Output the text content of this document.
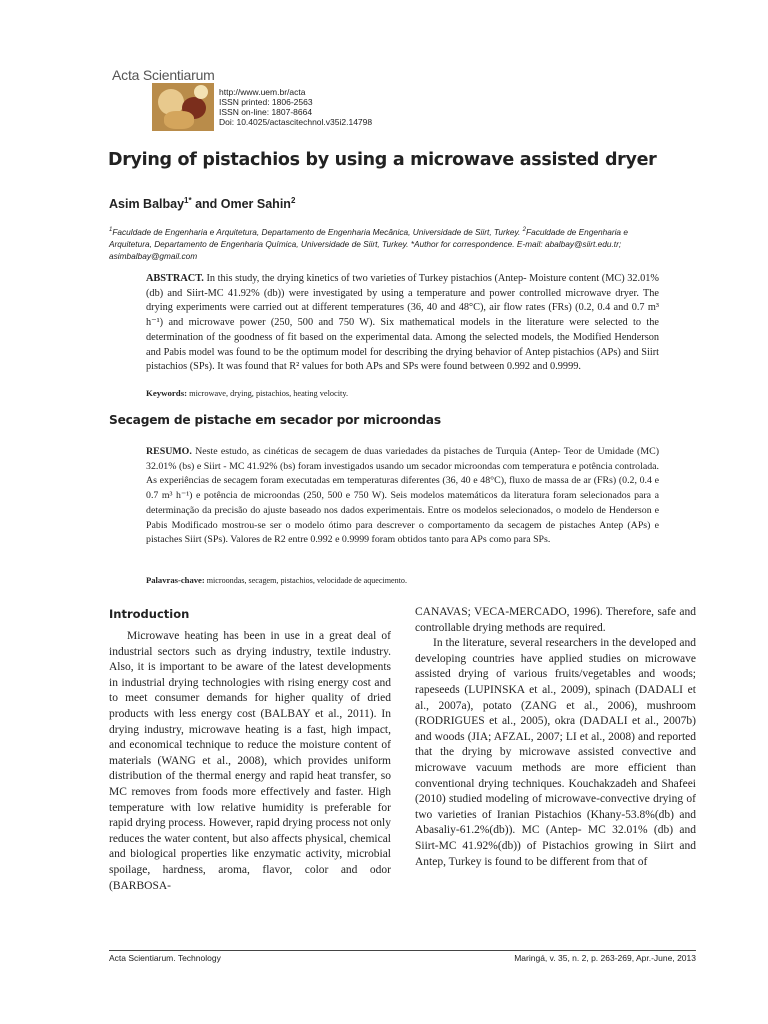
Acta Scientiarum
http://www.uem.br/acta
ISSN printed: 1806-2563
ISSN on-line: 1807-8664
Doi: 10.4025/actascitechnol.v35i2.14798
Drying of pistachios by using a microwave assisted dryer
Asim Balbay$^{1*}$ and Omer Sahin$^2$
$^1$Faculdade de Engenharia e Arquitetura, Departamento de Engenharia Mecânica, Universidade de Siirt, Turkey. $^2$Faculdade de Engenharia e Arquitetura, Departamento de Engenharia Química, Universidade de Siirt, Turkey. *Author for correspondence. E-mail: abalbay@siirt.edu.tr; asimbalbay@gmail.com
ABSTRACT. In this study, the drying kinetics of two varieties of Turkey pistachios (Antep- Moisture content (MC) 32.01% (db) and Siirt-MC 41.92% (db)) were investigated by using a temperature and power controlled microwave dryer. The drying experiments were carried out at different temperatures (36, 40 and 48°C), air flow rates (FRs) (0.2, 0.4 and 0.7 m³ h⁻¹) and microwave power (250, 500 and 750 W). Six mathematical models in the literature were selected to the determination of the goodness of fit based on the experimental data. Among the selected models, the Modified Henderson and Pabis model was found to be the optimum model for describing the drying behavior of Antep pistachios (APs) and Siirt pistachios (SPs). It was found that R² values for both APs and SPs were found between 0.992 and 0.9999.
Keywords: microwave, drying, pistachios, heating velocity.
Secagem de pistache em secador por microondas
RESUMO. Neste estudo, as cinéticas de secagem de duas variedades da pistaches de Turquia (Antep- Teor de Umidade (MC) 32.01% (bs) e Siirt - MC 41.92% (bs) foram investigados usando um secador microondas com temperatura e potência controlada. As experiências de secagem foram executadas em temperaturas diferentes (36, 40 e 48°C), fluxo de massa de ar (FRs) (0.2, 0.4 e 0.7 m³ h⁻¹) e potência de microondas (250, 500 e 750 W). Seis modelos matemáticos da literatura foram selecionados para a determinação da precisão do ajuste baseado nos dados experimentais. Entre os modelos selecionados, o modelo de Henderson e Pabis Modificado mostrou-se ser o modelo ótimo para descrever o comportamento da secagem de pistaches Antep (APs) e pistaches Siirt (SPs). Valores de R2 entre 0.992 e 0.9999 foram obtidos tanto para APs como para SPs.
Palavras-chave: microondas, secagem, pistachios, velocidade de aquecimento.
Introduction
Microwave heating has been in use in a great deal of industrial sectors such as drying industry, textile industry. Also, it is important to be aware of the latest developments in industrial drying technologies with rising energy cost and to meet consumer demands for higher quality of dried products with less energy cost (BALBAY et al., 2011). In drying industry, microwave heating is a fast, high impact, and economical technique to reduce the moisture content of materials (WANG et al., 2008), which provides uniform distribution of the thermal energy and rapid heat transfer, so MC removes from foods more effectively and faster. High temperature with low relative humidity is preferable for rapid drying process. However, rapid drying process not only reduces the water content, but also affects physical, chemical and biological properties like enzymatic activity, microbial spoilage, hardness, aroma, flavor, color and odor (BARBOSA-

CANAVAS; VECA-MERCADO, 1996). Therefore, safe and controllable drying methods are required.

In the literature, several researchers in the developed and developing countries have applied studies on microwave assisted drying of various fruits/vegetables and woods; rapeseeds (LUPINSKA et al., 2009), spinach (DADALI et al., 2007a), potato (ZANG et al., 2006), mushroom (RODRIGUES et al., 2005), okra (DADALI et al., 2007b) and woods (JIA; AFZAL, 2007; LI et al., 2008) and reported that the drying by microwave assisted convective and microwave vacuum methods are more efficient than conventional drying techniques. Kouchakzadeh and Shafeei (2010) studied modeling of microwave-convective drying of two varieties of Iranian Pistachios (Khany-53.8%(db) and Abasaliy-61.2%(db)). MC (Antep- MC 32.01% (db) and Siirt-MC 41.92%(db)) of Pistachios growing in Siirt and Antep, Turkey is found to be different from that of

Acta Scientiarum. Technology	Maringá, v. 35, n. 2, p. 263-269, Apr.-June, 2013
